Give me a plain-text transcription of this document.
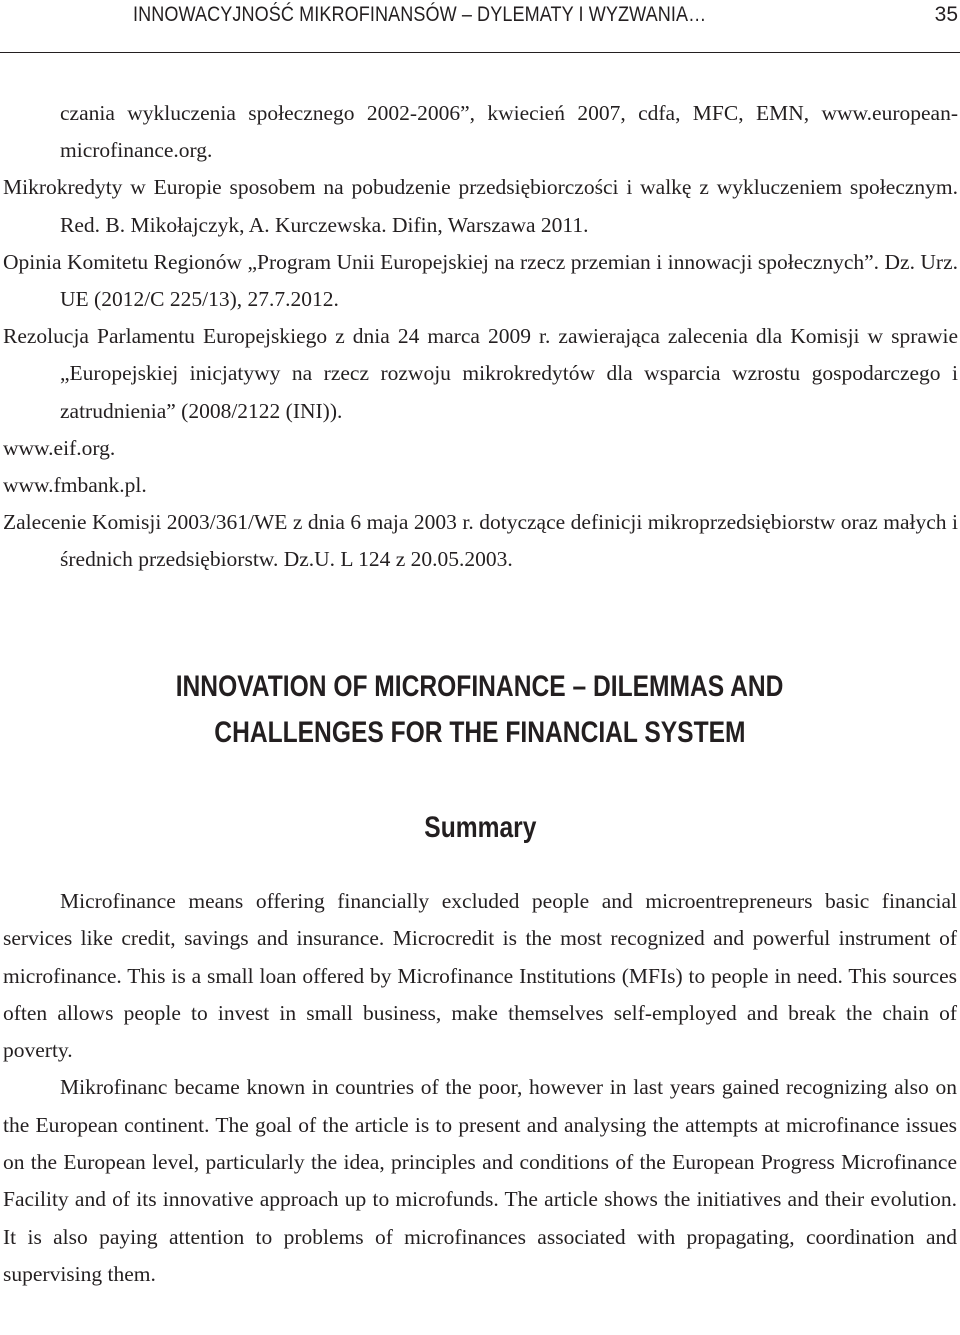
INNOWACYJNOŚĆ MIKROFINANSÓW – DYLEMATY I WYZWANIA…	35
czania wykluczenia społecznego 2002-2006”, kwiecień 2007, cdfa, MFC, EMN, www.european-microfinance.org.
Mikrokredyty w Europie sposobem na pobudzenie przedsiębiorczości i walkę z wykluczeniem społecznym. Red. B. Mikołajczyk, A. Kurczewska. Difin, Warszawa 2011.
Opinia Komitetu Regionów „Program Unii Europejskiej na rzecz przemian i innowacji społecznych”. Dz. Urz. UE (2012/C 225/13), 27.7.2012.
Rezolucja Parlamentu Europejskiego z dnia 24 marca 2009 r. zawierająca zalecenia dla Komisji w sprawie „Europejskiej inicjatywy na rzecz rozwoju mikrokredytów dla wsparcia wzrostu gospodarczego i zatrudnienia” (2008/2122 (INI)).
www.eif.org.
www.fmbank.pl.
Zalecenie Komisji 2003/361/WE z dnia 6 maja 2003 r. dotyczące definicji mikroprzedsiębiorstw oraz małych i średnich przedsiębiorstw. Dz.U. L 124 z 20.05.2003.
INNOVATION OF MICROFINANCE – DILEMMAS AND
CHALLENGES FOR THE FINANCIAL SYSTEM
Summary

Microfinance means offering financially excluded people and microentrepreneurs basic financial services like credit, savings and insurance. Microcredit is the most recognized and powerful instrument of microfinance. This is a small loan offered by Microfinance Institutions (MFIs) to people in need. This sources often allows people to invest in small business, make themselves self-employed and break the chain of poverty.

Mikrofinanc became known in countries of the poor, however in last years gained recognizing also on the European continent. The goal of the article is to present and analysing the attempts at microfinance issues on the European level, particularly the idea, principles and conditions of the European Progress Microfinance Facility and of its innovative approach up to microfunds. The article shows the initiatives and their evolution. It is also paying attention to problems of microfinances associated with propagating, coordination and supervising them.
